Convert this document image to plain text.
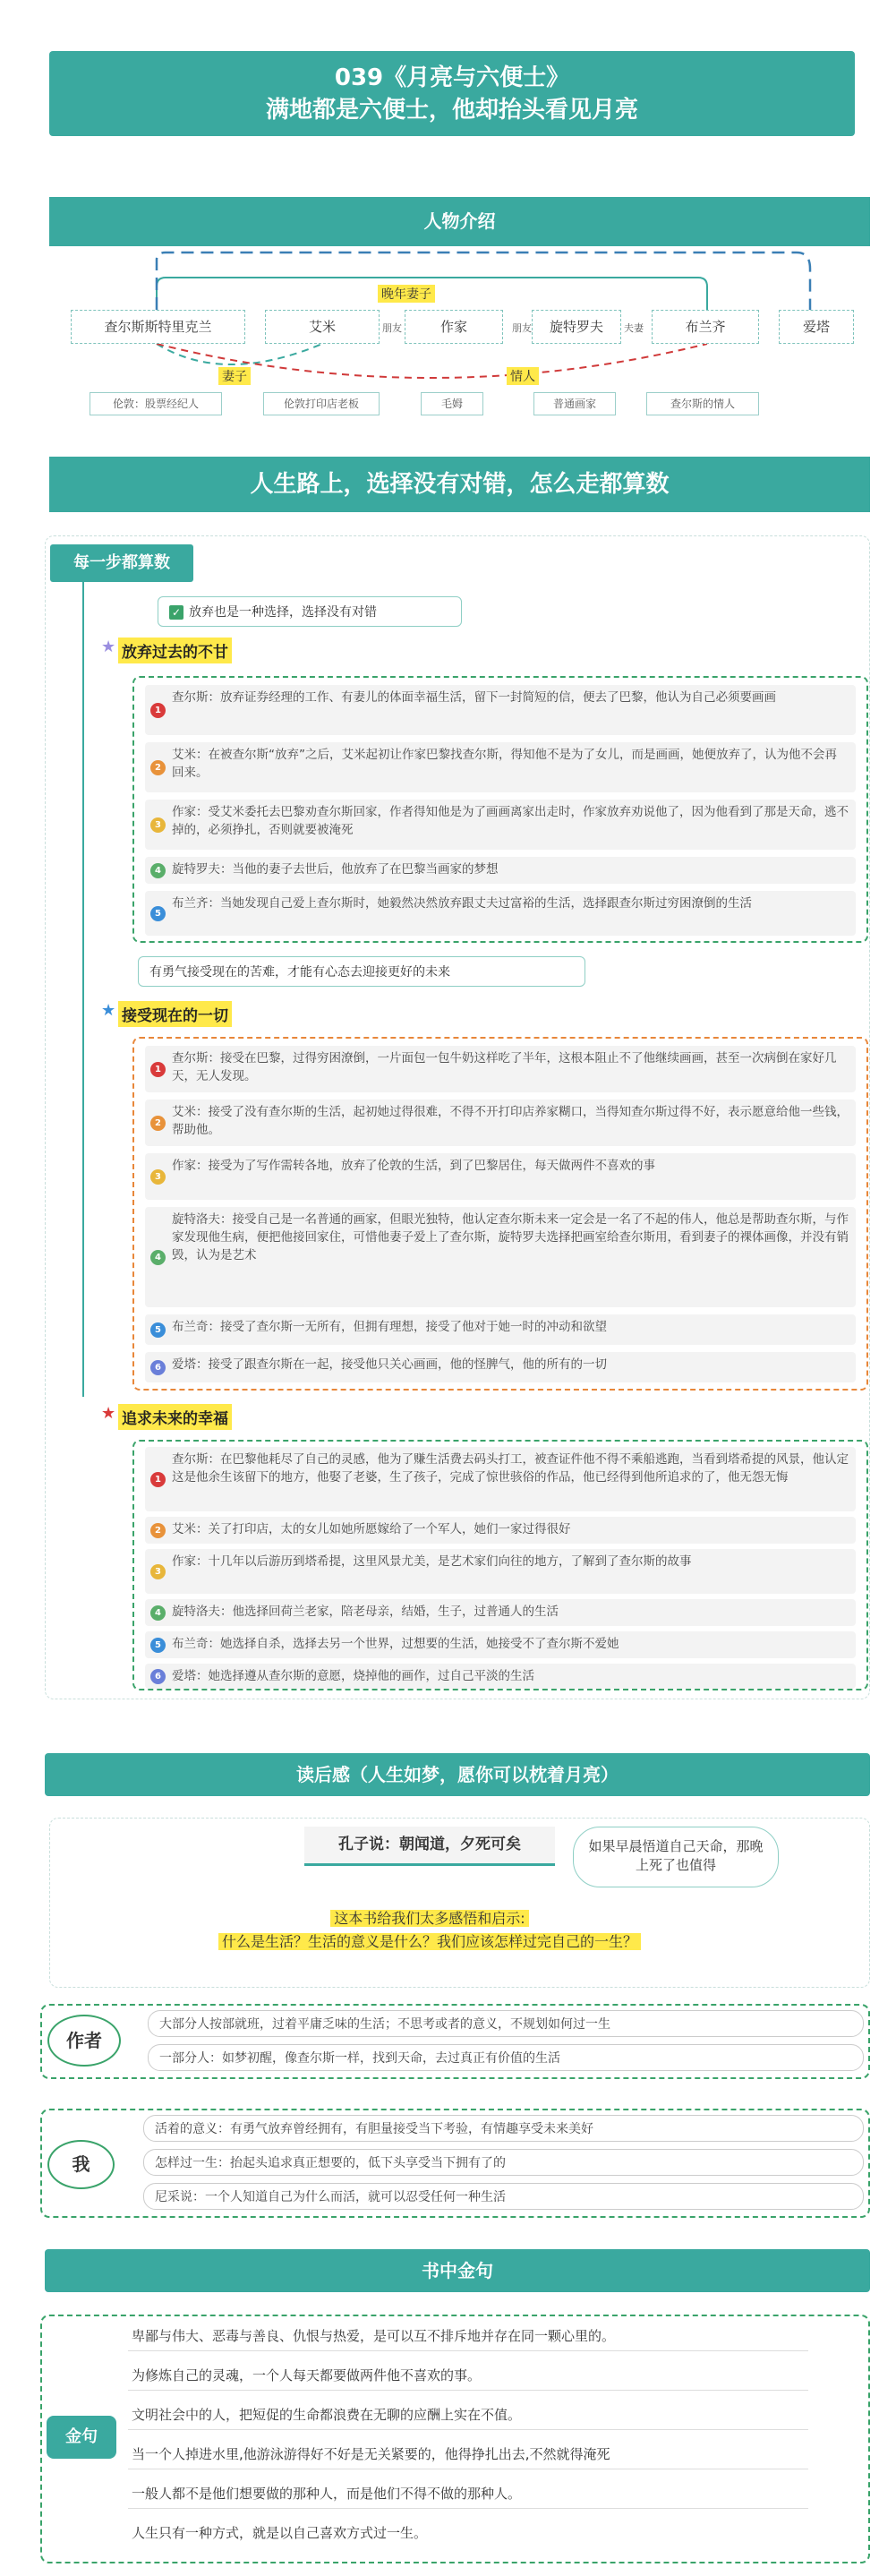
039《月亮与六便士》
满地都是六便士，他却抬头看见月亮
人物介绍
晚年妻子
妻子	情人
朋友	朋友	夫妻
查尔斯斯特里克兰	艾米	作家	旋特罗夫	布兰齐	爱塔
伦敦：股票经纪人	伦敦打印店老板	毛姆	普通画家	查尔斯的情人
人生路上，选择没有对错，怎么走都算数
每一步都算数
✓ 放弃也是一种选择，选择没有对错
★ 放弃过去的不甘
1
查尔斯：放弃证券经理的工作、有妻儿的体面幸福生活，留下一封简短的信，便去了巴黎，他认为自己必须要画画
2
艾米：在被查尔斯“放弃”之后，艾米起初让作家巴黎找查尔斯，得知他不是为了女儿，而是画画，她便放弃了，认为他不会再回来。
3
作家：受艾米委托去巴黎劝查尔斯回家，作者得知他是为了画画离家出走时，作家放弃劝说他了，因为他看到了那是天命，逃不掉的，必须挣扎，否则就要被淹死
4 旋特罗夫：当他的妻子去世后，他放弃了在巴黎当画家的梦想
5
布兰齐：当她发现自己爱上查尔斯时，她毅然决然放弃跟丈夫过富裕的生活，选择跟查尔斯过穷困潦倒的生活
有勇气接受现在的苦难，才能有心态去迎接更好的未来
★ 接受现在的一切
1
查尔斯：接受在巴黎，过得穷困潦倒，一片面包一包牛奶这样吃了半年，这根本阻止不了他继续画画，甚至一次病倒在家好几天，无人发现。
2
艾米：接受了没有查尔斯的生活，起初她过得很难，不得不开打印店养家糊口，当得知查尔斯过得不好，表示愿意给他一些钱，帮助他。
3
作家：接受为了写作需转各地，放弃了伦敦的生活，到了巴黎居住，每天做两件不喜欢的事
4
旋特洛夫：接受自己是一名普通的画家，但眼光独特，他认定查尔斯未来一定会是一名了不起的伟人，他总是帮助查尔斯，与作家发现他生病，便把他接回家住，可惜他妻子爱上了查尔斯，旋特罗夫选择把画室给查尔斯用，看到妻子的裸体画像，并没有销毁，认为是艺术
5 布兰奇：接受了查尔斯一无所有，但拥有理想，接受了他对于她一时的冲动和欲望
6 爱塔：接受了跟查尔斯在一起，接受他只关心画画，他的怪脾气，他的所有的一切
★ 追求未来的幸福
1
查尔斯：在巴黎他耗尽了自己的灵感，他为了赚生活费去码头打工，被查证件他不得不乘船逃跑，当看到塔希提的风景，他认定这是他余生该留下的地方，他娶了老婆，生了孩子，完成了惊世骇俗的作品，他已经得到他所追求的了，他无怨无悔
2 艾米：关了打印店，太的女儿如她所愿嫁给了一个军人，她们一家过得很好
3
作家：十几年以后游历到塔希提，这里风景尤美，是艺术家们向往的地方，了解到了查尔斯的故事
4 旋特洛夫：他选择回荷兰老家，陪老母亲，结婚，生子，过普通人的生活
5 布兰奇：她选择自杀，选择去另一个世界，过想要的生活，她接受不了查尔斯不爱她
6 爱塔：她选择遵从查尔斯的意愿，烧掉他的画作，过自己平淡的生活
读后感（人生如梦，愿你可以枕着月亮）
孔子说：朝闻道，夕死可矣	如果早晨悟道自己天命，那晚上死了也值得
这本书给我们太多感悟和启示:
什么是生活？生活的意义是什么？我们应该怎样过完自己的一生？
作者
大部分人按部就班，过着平庸乏味的生活；不思考或者的意义，不规划如何过一生
一部分人：如梦初醒，像查尔斯一样，找到天命，去过真正有价值的生活
我
活着的意义：有勇气放弃曾经拥有，有胆量接受当下考验，有情趣享受未来美好
怎样过一生：抬起头追求真正想要的，低下头享受当下拥有了的
尼采说：一个人知道自己为什么而活，就可以忍受任何一种生活
书中金句
金句
卑鄙与伟大、恶毒与善良、仇恨与热爱，是可以互不排斥地并存在同一颗心里的。
为修炼自己的灵魂，一个人每天都要做两件他不喜欢的事。
文明社会中的人，把短促的生命都浪费在无聊的应酬上实在不值。
当一个人掉进水里,他游泳游得好不好是无关紧要的，他得挣扎出去,不然就得淹死
一般人都不是他们想要做的那种人，而是他们不得不做的那种人。
人生只有一种方式，就是以自己喜欢方式过一生。
